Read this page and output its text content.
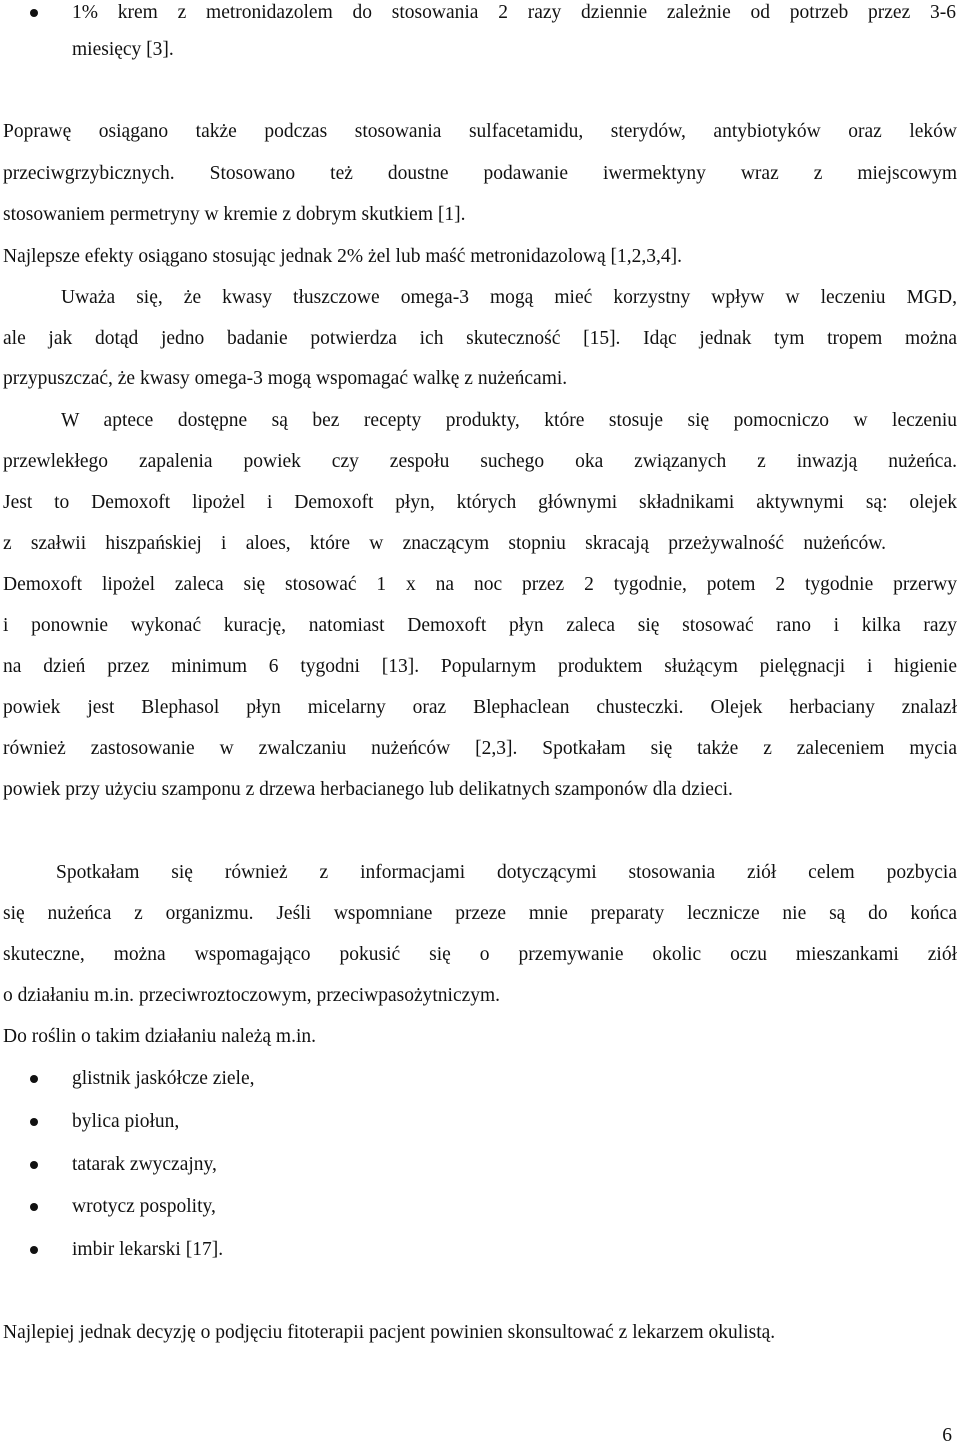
1% krem z metronidazolem do stosowania 2 razy dziennie zależnie od potrzeb przez 3-6
miesięcy [3].
Poprawę osiągano także podczas stosowania sulfacetamidu, sterydów, antybiotyków oraz leków
przeciwgrzybicznych. Stosowano też doustne podawanie iwermektyny wraz z miejscowym
stosowaniem permetryny w kremie z dobrym skutkiem [1].
Najlepsze efekty osiągano stosując jednak 2% żel lub maść metronidazolową [1,2,3,4].
Uważa się, że kwasy tłuszczowe omega-3 mogą mieć korzystny wpływ w leczeniu MGD,
ale jak dotąd jedno badanie potwierdza ich skuteczność [15]. Idąc jednak tym tropem można
przypuszczać, że kwasy omega-3 mogą wspomagać walkę z nużeńcami.
W aptece dostępne są bez recepty produkty, które stosuje się pomocniczo w leczeniu
przewlekłego zapalenia powiek czy zespołu suchego oka związanych z inwazją nużeńca.
Jest to Demoxoft lipożel i Demoxoft płyn, których głównymi składnikami aktywnymi są: olejek
z szałwii hiszpańskiej i aloes, które w znaczącym stopniu skracają przeżywalność nużeńców.
Demoxoft lipożel zaleca się stosować 1 x na noc przez 2 tygodnie, potem 2 tygodnie przerwy
i ponownie wykonać kurację, natomiast Demoxoft płyn zaleca się stosować rano i kilka razy
na dzień przez minimum 6 tygodni [13]. Popularnym produktem służącym pielęgnacji i higienie
powiek jest Blephasol płyn micelarny oraz Blephaclean chusteczki. Olejek herbaciany znalazł
również zastosowanie w zwalczaniu nużeńców [2,3]. Spotkałam się także z zaleceniem mycia
powiek przy użyciu szamponu z drzewa herbacianego lub delikatnych szamponów dla dzieci.
Spotkałam się również z informacjami dotyczącymi stosowania ziół celem pozbycia
się nużeńca z organizmu. Jeśli wspomniane przeze mnie preparaty lecznicze nie są do końca
skuteczne, można wspomagająco pokusić się o przemywanie okolic oczu mieszankami ziół
o działaniu m.in. przeciwroztoczowym, przeciwpasożytniczym.
Do roślin o takim działaniu należą m.in.
glistnik jaskółcze ziele,
bylica piołun,
tatarak zwyczajny,
wrotycz pospolity,
imbir lekarski [17].
Najlepiej jednak decyzję o podjęciu fitoterapii pacjent powinien skonsultować z lekarzem okulistą.
6
